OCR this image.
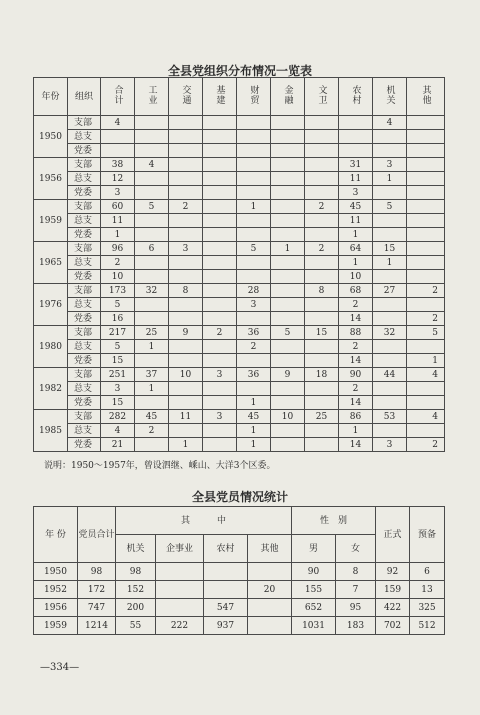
全县党组织分布情况一览表
年份	组织	合计	工业	交通	基建	财贸	金融	文卫	农村	机关	其他
1950	支部	4								4	
	总支										
	党委										
1956	支部	38	4						31	3	
	总支	12							11	1	
	党委	3							3		
1959	支部	60	5	2		1		2	45	5	
	总支	11							11		
	党委	1							1		
1965	支部	96	6	3		5	1	2	64	15	
	总支	2							1	1	
	党委	10							10		
1976	支部	173	32	8		28		8	68	27	2
	总支	5				3			2		
	党委	16							14		2
1980	支部	217	25	9	2	36	5	15	88	32	5
	总支	5	1			2			2		
	党委	15							14		1
1982	支部	251	37	10	3	36	9	18	90	44	4
	总支	3	1						2		
	党委	15				1			14		
1985	支部	282	45	11	3	45	10	25	86	53	4
	总支	4	2			1			1		
	党委	21		1		1			14	3	2
说明：1950～1957年，曾设泗继、嵊山、大洋3个区委。
全县党员情况统计
年 份	党员合计	其　　　中				性　别		正式	预备
		机关	企事业	农村	其他	男	女		
1950	98	98				90	8	92	6
1952	172	152			20	155	7	159	13
1956	747	200		547		652	95	422	325
1959	1214	55	222	937		1031	183	702	512
—334—
